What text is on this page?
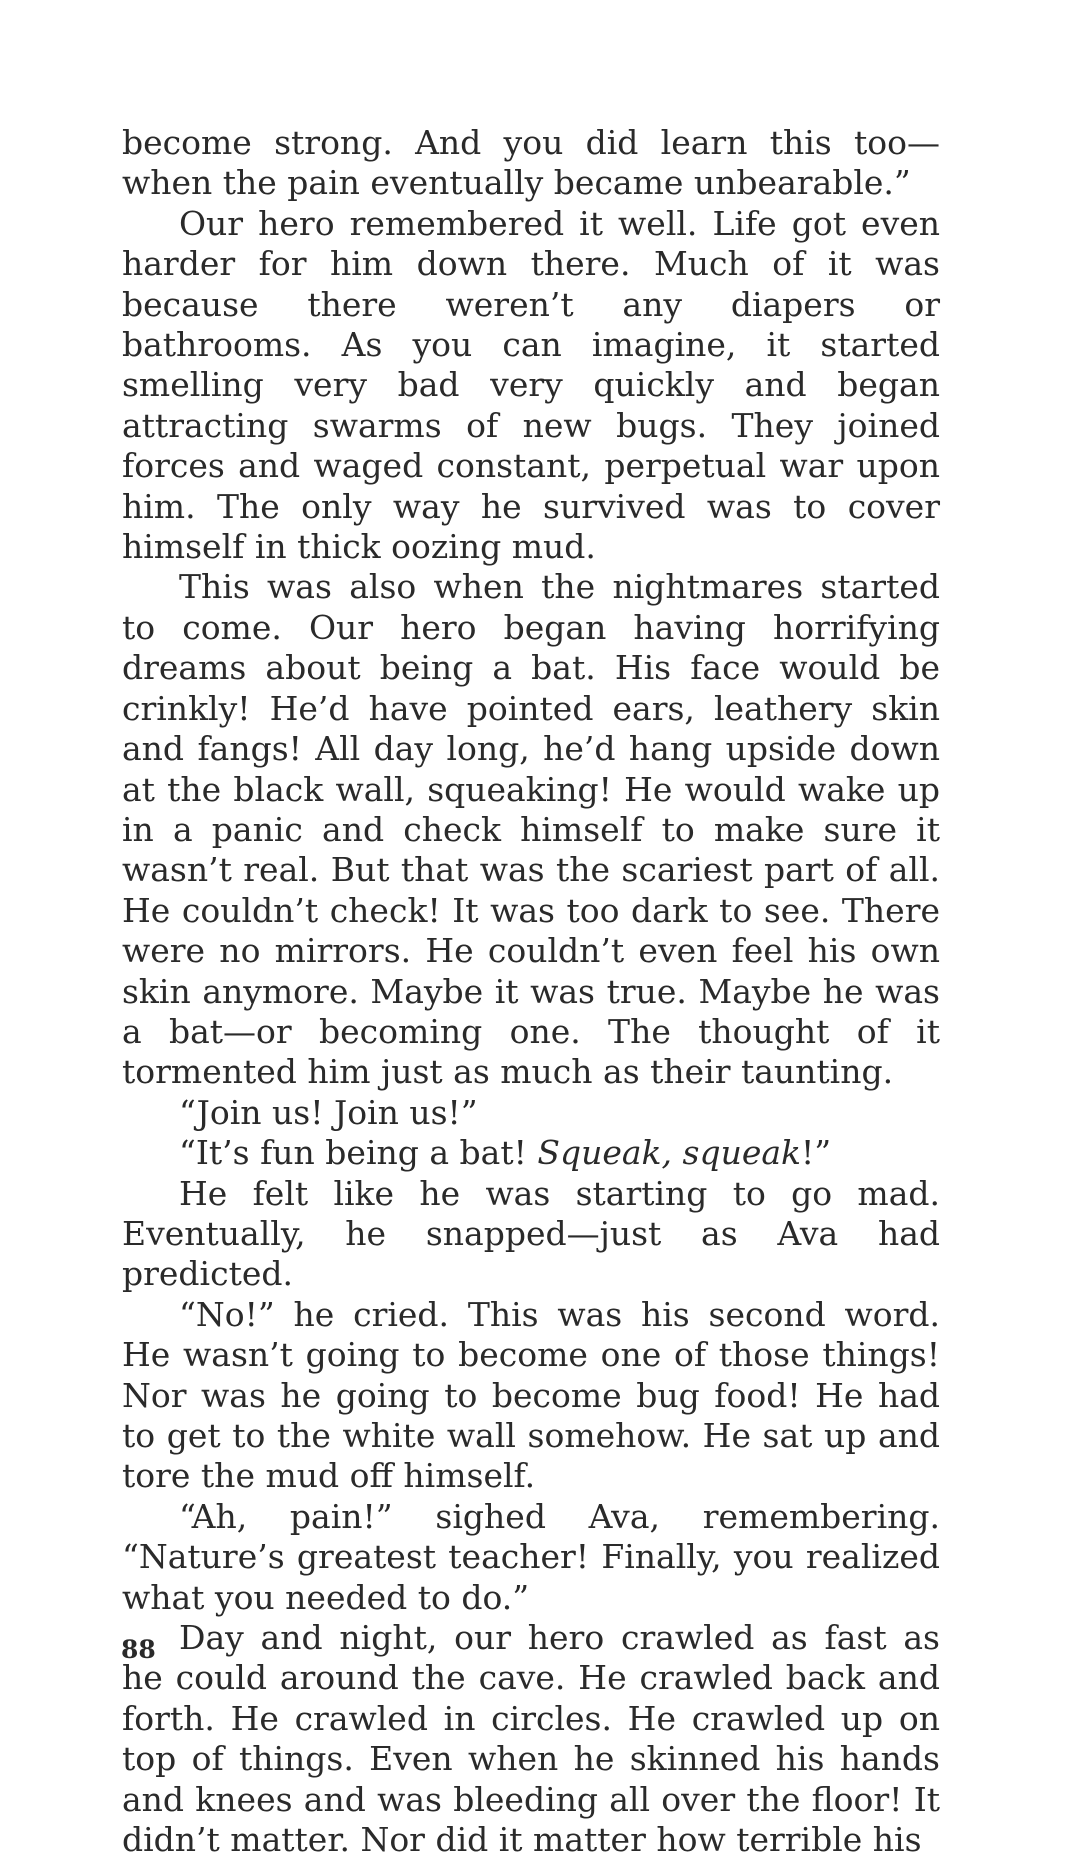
become strong. And you did learn this too—when the pain eventually became unbearable.”

Our hero remembered it well. Life got even harder for him down there. Much of it was because there weren’t any diapers or bathrooms. As you can imagine, it started smelling very bad very quickly and began attracting swarms of new bugs. They joined forces and waged constant, perpetual war upon him. The only way he survived was to cover himself in thick oozing mud.

This was also when the nightmares started to come. Our hero began having horrifying dreams about being a bat. His face would be crinkly! He’d have pointed ears, leathery skin and fangs! All day long, he’d hang upside down at the black wall, squeaking! He would wake up in a panic and check himself to make sure it wasn’t real. But that was the scariest part of all. He couldn’t check! It was too dark to see. There were no mirrors. He couldn’t even feel his own skin anymore. Maybe it was true. Maybe he was a bat—or becoming one. The thought of it tormented him just as much as their taunting.

“Join us! Join us!”

“It’s fun being a bat! Squeak, squeak!”

He felt like he was starting to go mad. Eventually, he snapped—just as Ava had predicted.

“No!” he cried. This was his second word. He wasn’t going to become one of those things! Nor was he going to become bug food! He had to get to the white wall somehow. He sat up and tore the mud off himself.

“Ah, pain!” sighed Ava, remembering. “Nature’s greatest teacher! Finally, you realized what you needed to do.”

Day and night, our hero crawled as fast as he could around the cave. He crawled back and forth. He crawled in circles. He crawled up on top of things. Even when he skinned his hands and knees and was bleeding all over the floor! It didn’t matter. Nor did it matter how terrible his

88
